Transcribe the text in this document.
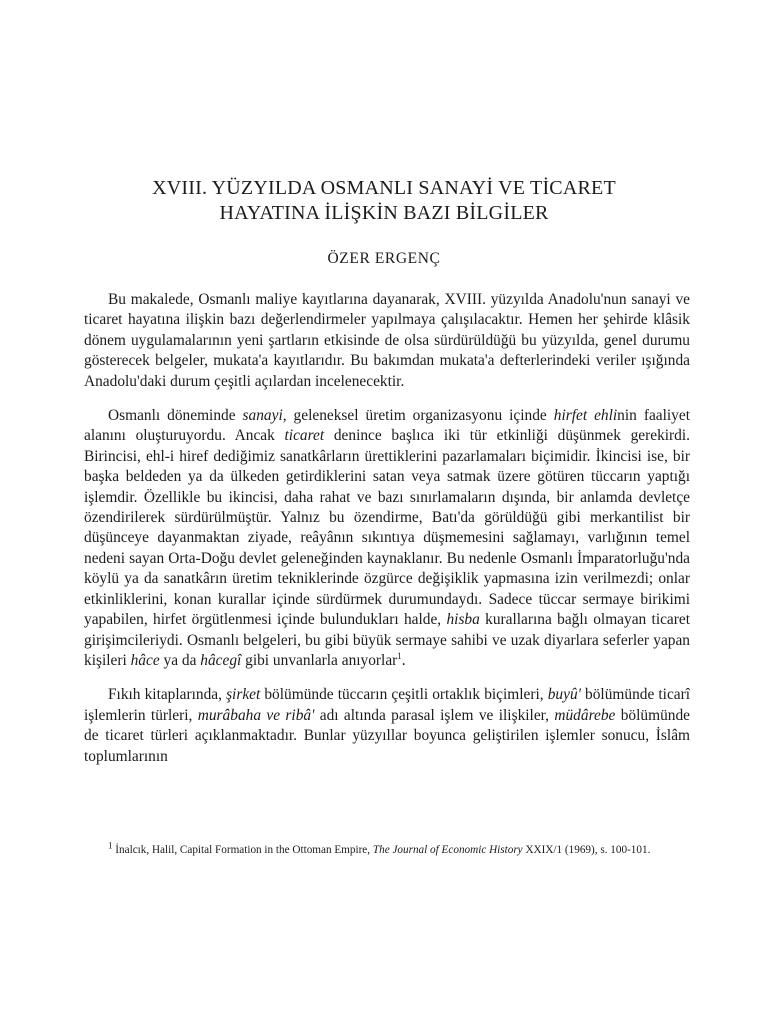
XVIII. YÜZYILDA OSMANLI SANAYİ VE TİCARET
HAYATINA İLİŞKİN BAZI BİLGİLER
ÖZER ERGENÇ

Bu makalede, Osmanlı maliye kayıtlarına dayanarak, XVIII. yüzyılda Anadolu'nun sanayi ve ticaret hayatına ilişkin bazı değerlendirmeler yapılmaya çalışılacaktır. Hemen her şehirde klâsik dönem uygulamalarının yeni şartların etkisinde de olsa sürdürüldüğü bu yüzyılda, genel durumu gösterecek belgeler, mukata'a kayıtlarıdır. Bu bakımdan mukata'a defterlerindeki veriler ışığında Anadolu'daki durum çeşitli açılardan incelenecektir.

Osmanlı döneminde sanayi, geleneksel üretim organizasyonu içinde hirfet ehlinin faaliyet alanını oluşturuyordu. Ancak ticaret denince başlıca iki tür etkinliği düşünmek gerekirdi. Birincisi, ehl-i hiref dediğimiz sanatkârların ürettiklerini pazarlamaları biçimidir. İkincisi ise, bir başka beldeden ya da ülkeden getirdiklerini satan veya satmak üzere götüren tüccarın yaptığı işlemdir. Özellikle bu ikincisi, daha rahat ve bazı sınırlamaların dışında, bir anlamda devletçe özendirilerek sürdürülmüştür. Yalnız bu özendirme, Batı'da görüldüğü gibi merkantilist bir düşünceye dayanmaktan ziyade, reâyânın sıkıntıya düşmemesini sağlamayı, varlığının temel nedeni sayan Orta-Doğu devlet geleneğinden kaynaklanır. Bu nedenle Osmanlı İmparatorluğu'nda köylü ya da sanatkârın üretim tekniklerinde özgürce değişiklik yapmasına izin verilmezdi; onlar etkinliklerini, konan kurallar içinde sürdürmek durumundaydı. Sadece tüccar sermaye birikimi yapabilen, hirfet örgütlenmesi içinde bulundukları halde, hisba kurallarına bağlı olmayan ticaret girişimcileriydi. Osmanlı belgeleri, bu gibi büyük sermaye sahibi ve uzak diyarlara seferler yapan kişileri hâce ya da hâcegî gibi unvanlarla anıyorlar$^1$.

Fıkıh kitaplarında, şirket bölümünde tüccarın çeşitli ortaklık biçimleri, buyû' bölümünde ticarî işlemlerin türleri, murâbaha ve ribâ' adı altında parasal işlem ve ilişkiler, müdârebe bölümünde de ticaret türleri açıklanmaktadır. Bunlar yüzyıllar boyunca geliştirilen işlemler sonucu, İslâm toplumlarının

$^1$ İnalcık, Halil, Capital Formation in the Ottoman Empire, The Journal of Economic History XXIX/1 (1969), s. 100-101.
